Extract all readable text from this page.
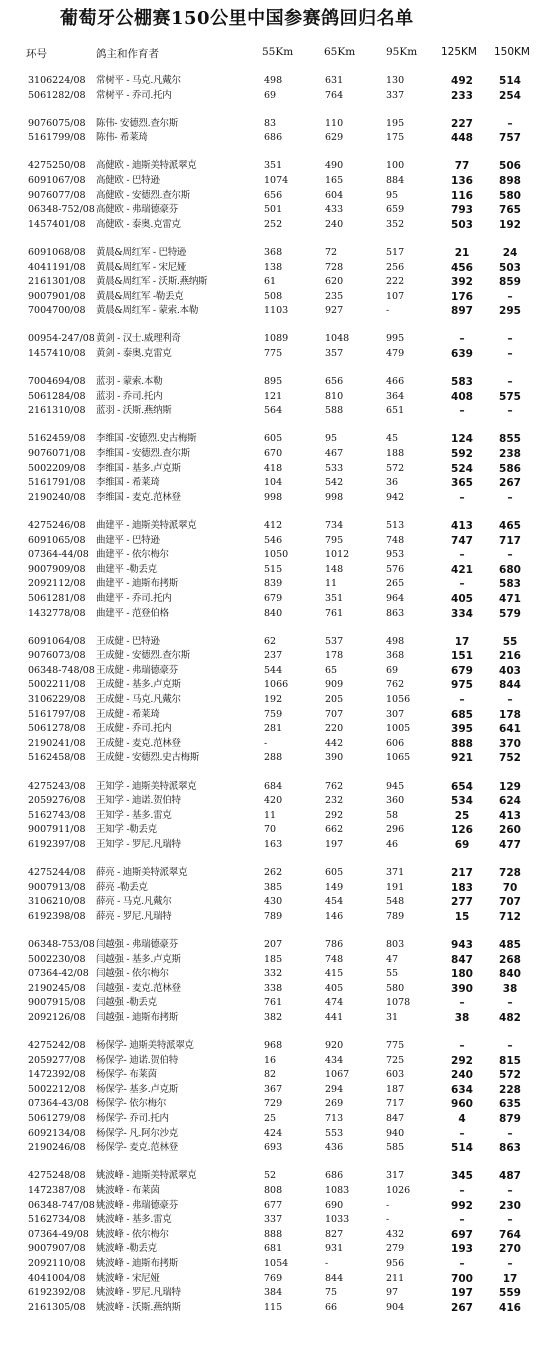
葡萄牙公棚赛150公里中国参赛鸽回归名单
环号	鸽主和作育者	55Km	65Km	95Km 125KM 150KM
3106224/08 常树平 - 马克.凡戴尔	498	631	130	492	514
5061282/08 常树平 - 乔司.托内	69	764	337	233	254
9076075/08 陈伟- 安德烈.查尔斯	83	110	195	227	–
5161799/08 陈伟- 希莱琦	686	629	175	448	757
4275250/08 高健欧 - 迪斯美特派翠克	351	490	100	77	506
6091067/08 高健欧 - 巴特逊	1074	165	884	136	898
9076077/08 高健欧 - 安德烈.查尔斯	656	604	95	116	580
06348-752/08 高健欧 - 弗瑞德豪芬	501	433	659	793	765
1457401/08 高健欧 - 泰奥.克雷克	252	240	352	503	192
6091068/08 黄晨&周红军 - 巴特逊	368	72	517	21	24
4041191/08 黄晨&周红军 - 宋尼娅	138	728	256	456	503
2161301/08 黄晨&周红军 - 沃斯.燕纳斯	61	620	222	392	859
9007901/08 黄晨&周红军 -勒丢克	508	235	107	176	–
7004700/08 黄晨&周红军 - 蒙索.本勒	1103	927	-	897	295
00954-247/08 黄剑 - 汉士.威理利奇	1089	1048	995	–	–
1457410/08 黄剑 - 泰奥.克雷克	775	357	479	639	–
7004694/08 蓝羽 - 蒙索.本勒	895	656	466	583	–
5061284/08 蓝羽 - 乔司.托内	121	810	364	408	575
2161310/08 蓝羽 - 沃斯.燕纳斯	564	588	651	–	–
5162459/08 李维国 -安德烈.史古梅斯	605	95	45	124	855
9076071/08 李维国 - 安德烈.查尔斯	670	467	188	592	238
5002209/08 李维国 - 基多.卢克斯	418	533	572	524	586
5161791/08 李维国 - 希莱琦	104	542	36	365	267
2190240/08 李维国 - 麦克.范林登	998	998	942	–	–
4275246/08 曲建平 - 迪斯美特派翠克	412	734	513	413	465
6091065/08 曲建平 - 巴特逊	546	795	748	747	717
07364-44/08 曲建平 - 依尔梅尔	1050	1012	953	–	–
9007909/08 曲建平 -勒丢克	515	148	576	421	680
2092112/08 曲建平 - 迪斯布拷斯	839	11	265	–	583
5061281/08 曲建平 - 乔司.托内	679	351	964	405	471
1432778/08 曲建平 - 范登伯格	840	761	863	334	579
6091064/08 王成健 - 巴特逊	62	537	498	17	55
9076073/08 王成健 - 安德烈.查尔斯	237	178	368	151	216
06348-748/08 王成健 - 弗瑞德豪芬	544	65	69	679	403
5002211/08 王成健 - 基多.卢克斯	1066	909	762	975	844
3106229/08 王成健 - 马克.凡戴尔	192	205	1056	–	–
5161797/08 王成健 - 希莱琦	759	707	307	685	178
5061278/08 王成健 - 乔司.托内	281	220	1005	395	641
2190241/08 王成健 - 麦克.范林登	-	442	606	888	370
5162458/08 王成健 - 安德烈.史古梅斯	288	390	1065	921	752
4275243/08 王知学 - 迪斯美特派翠克	684	762	945	654	129
2059276/08 王知学 - 迪诺.贺伯特	420	232	360	534	624
5162743/08 王知学 - 基多.雷克	11	292	58	25	413
9007911/08 王知学 -勒丢克	70	662	296	126	260
6192397/08 王知学 - 罗尼.凡瑞特	163	197	46	69	477
4275244/08 薛亮 - 迪斯美特派翠克	262	605	371	217	728
9007913/08 薛亮 -勒丢克	385	149	191	183	70
3106210/08 薛亮 - 马克.凡戴尔	430	454	548	277	707
6192398/08 薛亮 - 罗尼.凡瑞特	789	146	789	15	712
06348-753/08 闫越强 - 弗瑞德豪芬	207	786	803	943	485
5002230/08 闫越强 - 基多.卢克斯	185	748	47	847	268
07364-42/08 闫越强 - 依尔梅尔	332	415	55	180	840
2190245/08 闫越强 - 麦克.范林登	338	405	580	390	38
9007915/08 闫越强 -勒丢克	761	474	1078	–	–
2092126/08 闫越强 - 迪斯布拷斯	382	441	31	38	482
4275242/08 杨保学- 迪斯美特派翠克	968	920	775	–	–
2059277/08 杨保学- 迪诺.贺伯特	16	434	725	292	815
1472392/08 杨保学- 布莱茵	82	1067	603	240	572
5002212/08 杨保学- 基多.卢克斯	367	294	187	634	228
07364-43/08 杨保学- 依尔梅尔	729	269	717	960	635
5061279/08 杨保学- 乔司.托内	25	713	847	4	879
6092134/08 杨保学- 凡.阿尔沙克	424	553	940	–	–
2190246/08 杨保学- 麦克.范林登	693	436	585	514	863
4275248/08 姚波峰 - 迪斯美特派翠克	52	686	317	345	487
1472387/08 姚波峰 - 布莱茵	808	1083	1026	–	–
06348-747/08 姚波峰 - 弗瑞德豪芬	677	690	-	992	230
5162734/08 姚波峰 - 基多.雷克	337	1033	-	–	–
07364-49/08 姚波峰 - 依尔梅尔	888	827	432	697	764
9007907/08 姚波峰 -勒丢克	681	931	279	193	270
2092110/08 姚波峰 - 迪斯布拷斯	1054	-	956	–	–
4041004/08 姚波峰 - 宋尼娅	769	844	211	700	17
6192392/08 姚波峰 - 罗尼.凡瑞特	384	75	97	197	559
2161305/08 姚波峰 - 沃斯.燕纳斯	115	66	904	267	416
